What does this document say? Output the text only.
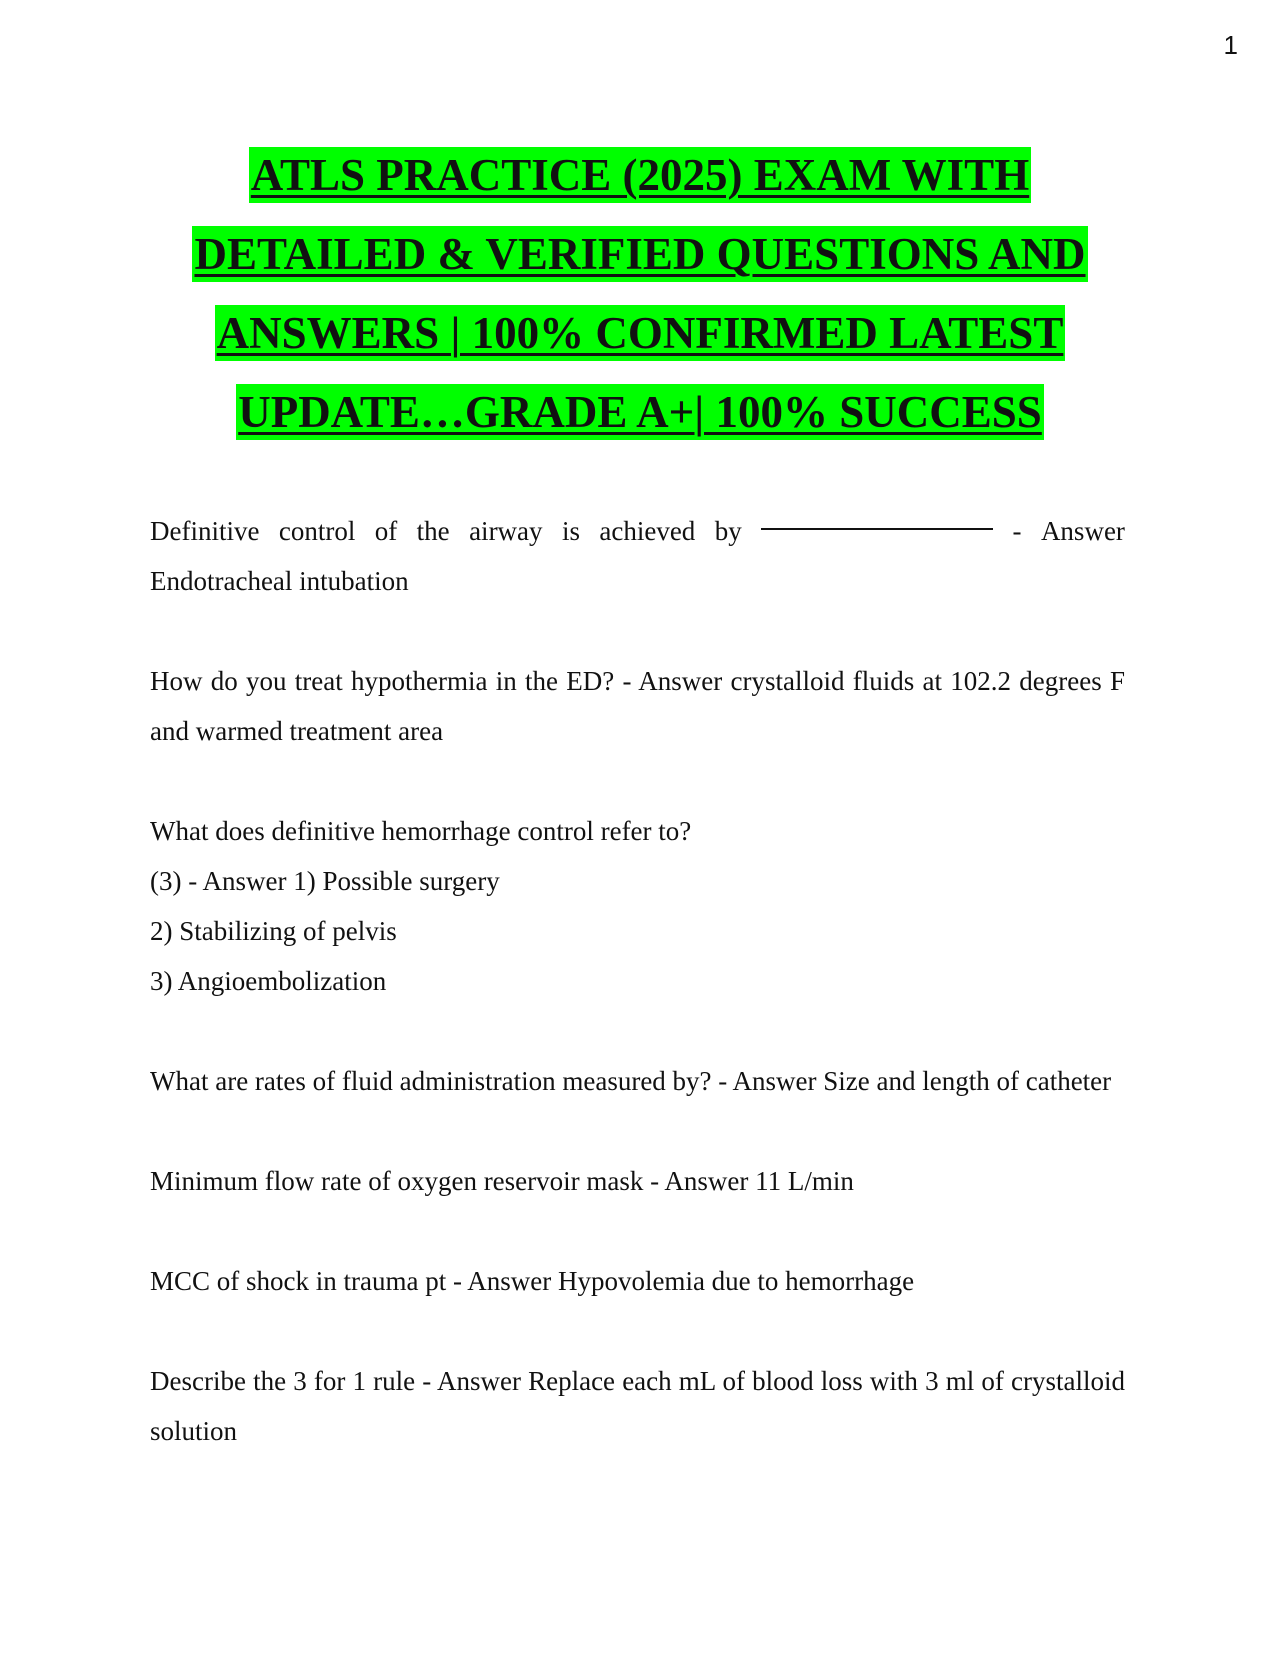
1
ATLS PRACTICE (2025) EXAM WITH
DETAILED & VERIFIED QUESTIONS AND
ANSWERS | 100% CONFIRMED LATEST
UPDATE…GRADE A+| 100% SUCCESS
Definitive control of the airway is achieved by	- Answer

Endotracheal intubation

How do you treat hypothermia in the ED? - Answer crystalloid fluids at 102.2 degrees F and warmed treatment area

What does definitive hemorrhage control refer to?

(3) - Answer 1) Possible surgery

2) Stabilizing of pelvis

3) Angioembolization

What are rates of fluid administration measured by? - Answer Size and length of catheter

Minimum flow rate of oxygen reservoir mask - Answer 11 L/min

MCC of shock in trauma pt - Answer Hypovolemia due to hemorrhage

Describe the 3 for 1 rule - Answer Replace each mL of blood loss with 3 ml of crystalloid solution
